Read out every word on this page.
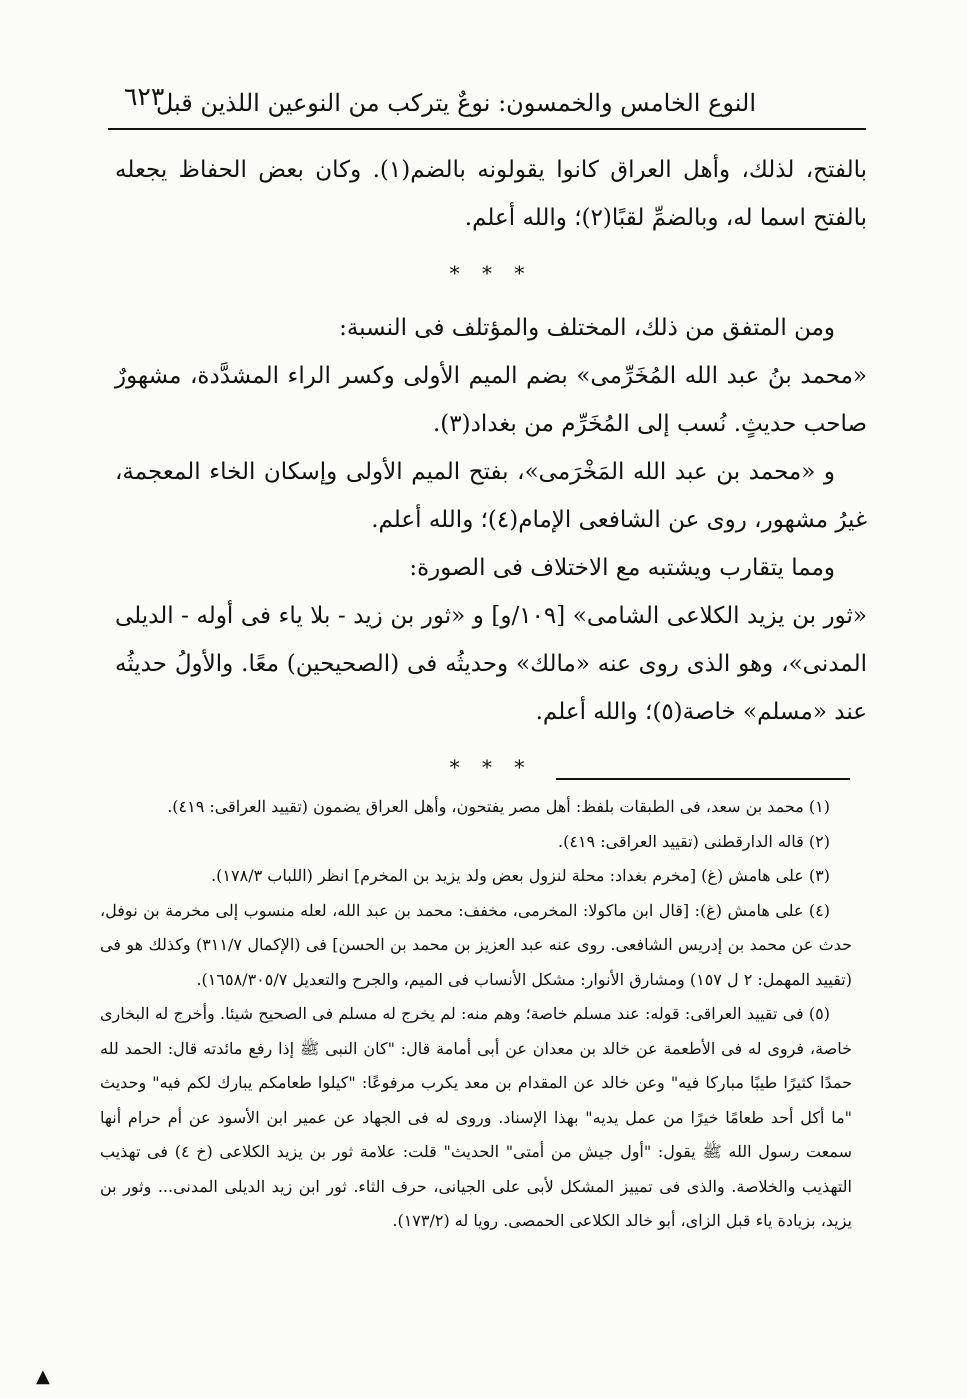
٦٢٣
النوع الخامس والخمسون: نوعٌ يتركب من النوعين اللذين قبل

بالفتح، لذلك، وأهل العراق كانوا يقولونه بالضم(١). وكان بعض الحفاظ يجعله بالفتح اسما له، وبالضمِّ لقبًا(٢)؛ والله أعلم.

* * *

ومن المتفق من ذلك، المختلف والمؤتلف فى النسبة:

«محمد بنُ عبد الله المُخَرِّمى» بضم الميم الأولى وكسر الراء المشدَّدة، مشهورٌ صاحب حديثٍ. نُسب إلى المُخَرِّم من بغداد(٣).

و «محمد بن عبد الله المَخْرَمى»، بفتح الميم الأولى وإسكان الخاء المعجمة، غيرُ مشهور، روى عن الشافعى الإمام(٤)؛ والله أعلم.

ومما يتقارب ويشتبه مع الاختلاف فى الصورة:

«ثور بن يزيد الكلاعى الشامى» [١٠٩/و] و «ثور بن زيد - بلا ياء فى أوله - الديلى المدنى»، وهو الذى روى عنه «مالك» وحديثُه فى (الصحيحين) معًا. والأولُ حديثُه عند «مسلم» خاصة(٥)؛ والله أعلم.

* * *

(١) محمد بن سعد، فى الطبقات بلفظ: أهل مصر يفتحون، وأهل العراق يضمون (تقييد العراقى: ٤١٩).

(٢) قاله الدارقطنى (تقييد العراقى: ٤١٩).

(٣) على هامش (غ) [مخرم بغداد: محلة لنزول بعض ولد يزيد بن المخرم] انظر (اللباب ١٧٨/٣).

(٤) على هامش (غ): [قال ابن ماكولا: المخرمى، مخفف: محمد بن عبد الله، لعله منسوب إلى مخرمة بن نوفل، حدث عن محمد بن إدريس الشافعى. روى عنه عبد العزيز بن محمد بن الحسن] فى (الإكمال ٣١١/٧) وكذلك هو فى (تقييد المهمل: ٢ ل ١٥٧) ومشارق الأنوار: مشكل الأنساب فى الميم، والجرح والتعديل ١٦٥٨/٣٠٥/٧).

(٥) فى تقييد العراقى: قوله: عند مسلم خاصة؛ وهم منه: لم يخرج له مسلم فى الصحيح شيئا. وأخرج له البخارى خاصة، فروى له فى الأطعمة عن خالد بن معدان عن أبى أمامة قال: "كان النبى ﷺ إذا رفع مائدته قال: الحمد لله حمدًا كثيرًا طيبًا مباركا فيه" وعن خالد عن المقدام بن معد يكرب مرفوعًا: "كيلوا طعامكم يبارك لكم فيه" وحديث "ما أكل أحد طعامًا خيرًا من عمل يديه" بهذا الإسناد. وروى له فى الجهاد عن عمير ابن الأسود عن أم حرام أنها سمعت رسول الله ﷺ يقول: "أول جيش من أمتى" الحديث" قلت: علامة ثور بن يزيد الكلاعى (خ ٤) فى تهذيب التهذيب والخلاصة. والذى فى تمييز المشكل لأبى على الجيانى، حرف الثاء. ثور ابن زيد الديلى المدنى... وثور بن يزيد، بزيادة ياء قبل الزاى، أبو خالد الكلاعى الحمصى. رويا له (١٧٣/٢).

▲
